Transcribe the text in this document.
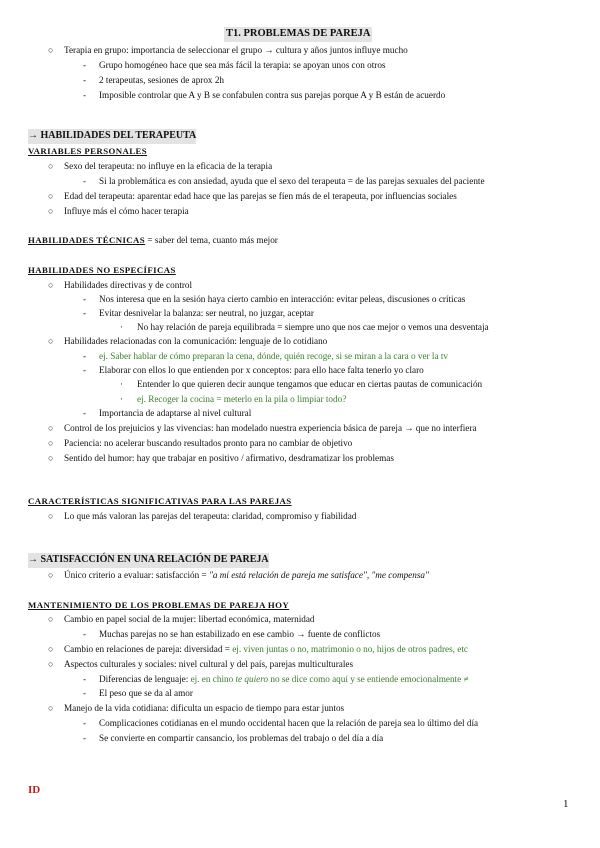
T1. PROBLEMAS DE PAREJA
○ Terapia en grupo: importancia de seleccionar el grupo → cultura y años juntos influye mucho
- Grupo homogéneo hace que sea más fácil la terapia: se apoyan unos con otros
- 2 terapeutas, sesiones de aprox 2h
- Imposible controlar que A y B se confabulen contra sus parejas porque A y B están de acuerdo
→ HABILIDADES DEL TERAPEUTA
VARIABLES PERSONALES
○ Sexo del terapeuta: no influye en la eficacia de la terapia
- Si la problemática es con ansiedad, ayuda que el sexo del terapeuta = de las parejas sexuales del paciente
○ Edad del terapeuta: aparentar edad hace que las parejas se fíen más de el terapeuta, por influencias sociales
○ Influye más el cómo hacer terapia
HABILIDADES TÉCNICAS = saber del tema, cuanto más mejor
HABILIDADES NO ESPECÍFICAS
○ Habilidades directivas y de control
- Nos interesa que en la sesión haya cierto cambio en interacción: evitar peleas, discusiones o críticas
- Evitar desnivelar la balanza: ser neutral, no juzgar, aceptar
· No hay relación de pareja equilibrada = siempre uno que nos cae mejor o vemos una desventaja
○ Habilidades relacionadas con la comunicación: lenguaje de lo cotidiano
- ej. Saber hablar de cómo preparan la cena, dónde, quién recoge, si se miran a la cara o ver la tv
- Elaborar con ellos lo que entienden por x conceptos: para ello hace falta tenerlo yo claro
· Entender lo que quieren decir aunque tengamos que educar en ciertas pautas de comunicación
· ej. Recoger la cocina = meterlo en la pila o limpiar todo?
- Importancia de adaptarse al nivel cultural
○ Control de los prejuicios y las vivencias: han modelado nuestra experiencia básica de pareja → que no interfiera
○ Paciencia: no acelerar buscando resultados pronto para no cambiar de objetivo
○ Sentido del humor: hay que trabajar en positivo / afirmativo, desdramatizar los problemas
CARACTERÍSTICAS SIGNIFICATIVAS PARA LAS PAREJAS
○ Lo que más valoran las parejas del terapeuta: claridad, compromiso y fiabilidad
→ SATISFACCIÓN EN UNA RELACIÓN DE PAREJA
○ Único criterio a evaluar: satisfacción = "a mí está relación de pareja me satisface", "me compensa"
MANTENIMIENTO DE LOS PROBLEMAS DE PAREJA HOY
○ Cambio en papel social de la mujer: libertad económica, maternidad
- Muchas parejas no se han estabilizado en ese cambio → fuente de conflictos
○ Cambio en relaciones de pareja: diversidad = ej. viven juntas o no, matrimonio o no, hijos de otros padres, etc
○ Aspectos culturales y sociales: nivel cultural y del país, parejas multiculturales
- Diferencias de lenguaje: ej. en chino te quiero no se dice como aquí y se entiende emocionalmente ≠
- El peso que se da al amor
○ Manejo de la vida cotidiana: dificulta un espacio de tiempo para estar juntos
- Complicaciones cotidianas en el mundo occidental hacen que la relación de pareja sea lo último del día
- Se convierte en compartir cansancio, los problemas del trabajo o del día a día
ID
1
